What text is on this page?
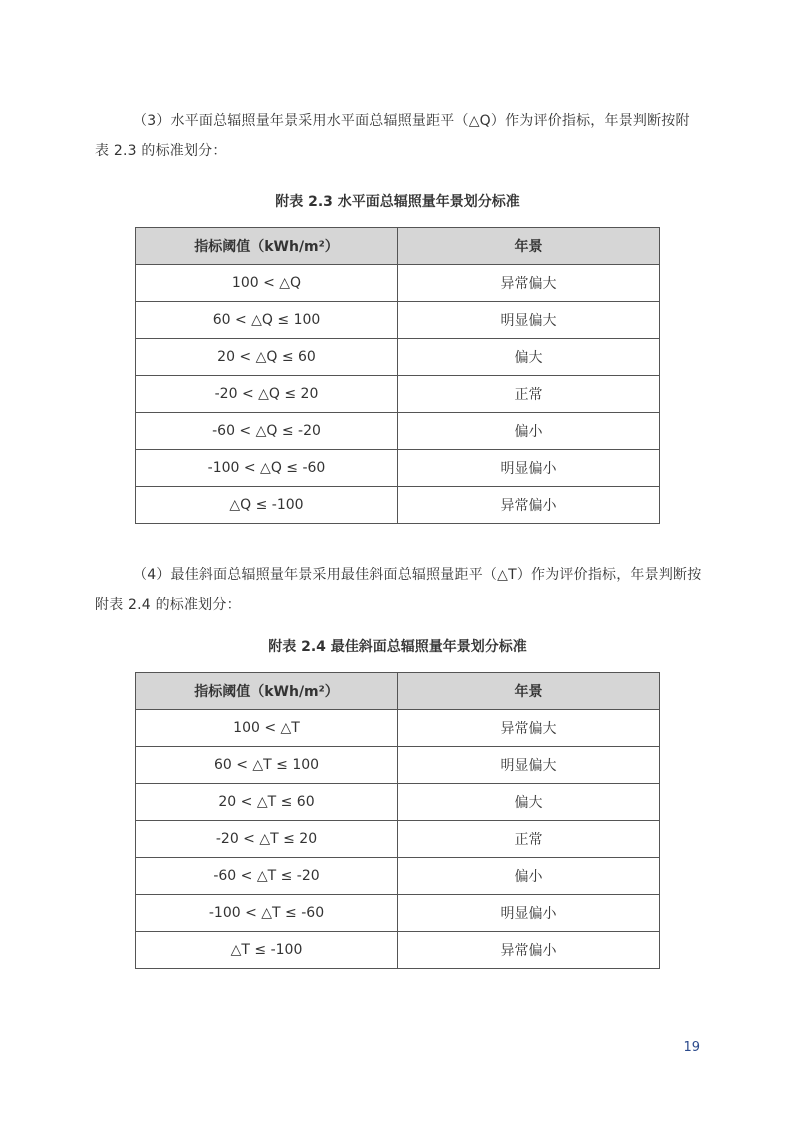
（3）水平面总辐照量年景采用水平面总辐照量距平（△Q）作为评价指标，年景判断按附表 2.3 的标准划分：

附表 2.3 水平面总辐照量年景划分标准

指标阈值（kWh/m²）	年景
100 < △Q	异常偏大
60 < △Q ≤ 100	明显偏大
20 < △Q ≤ 60	偏大
-20 < △Q ≤ 20	正常
-60 < △Q ≤ -20	偏小
-100 < △Q ≤ -60	明显偏小
△Q ≤ -100	异常偏小

（4）最佳斜面总辐照量年景采用最佳斜面总辐照量距平（△T）作为评价指标，年景判断按附表 2.4 的标准划分：

附表 2.4 最佳斜面总辐照量年景划分标准

指标阈值（kWh/m²）	年景
100 < △T	异常偏大
60 < △T ≤ 100	明显偏大
20 < △T ≤ 60	偏大
-20 < △T ≤ 20	正常
-60 < △T ≤ -20	偏小
-100 < △T ≤ -60	明显偏小
△T ≤ -100	异常偏小
19
